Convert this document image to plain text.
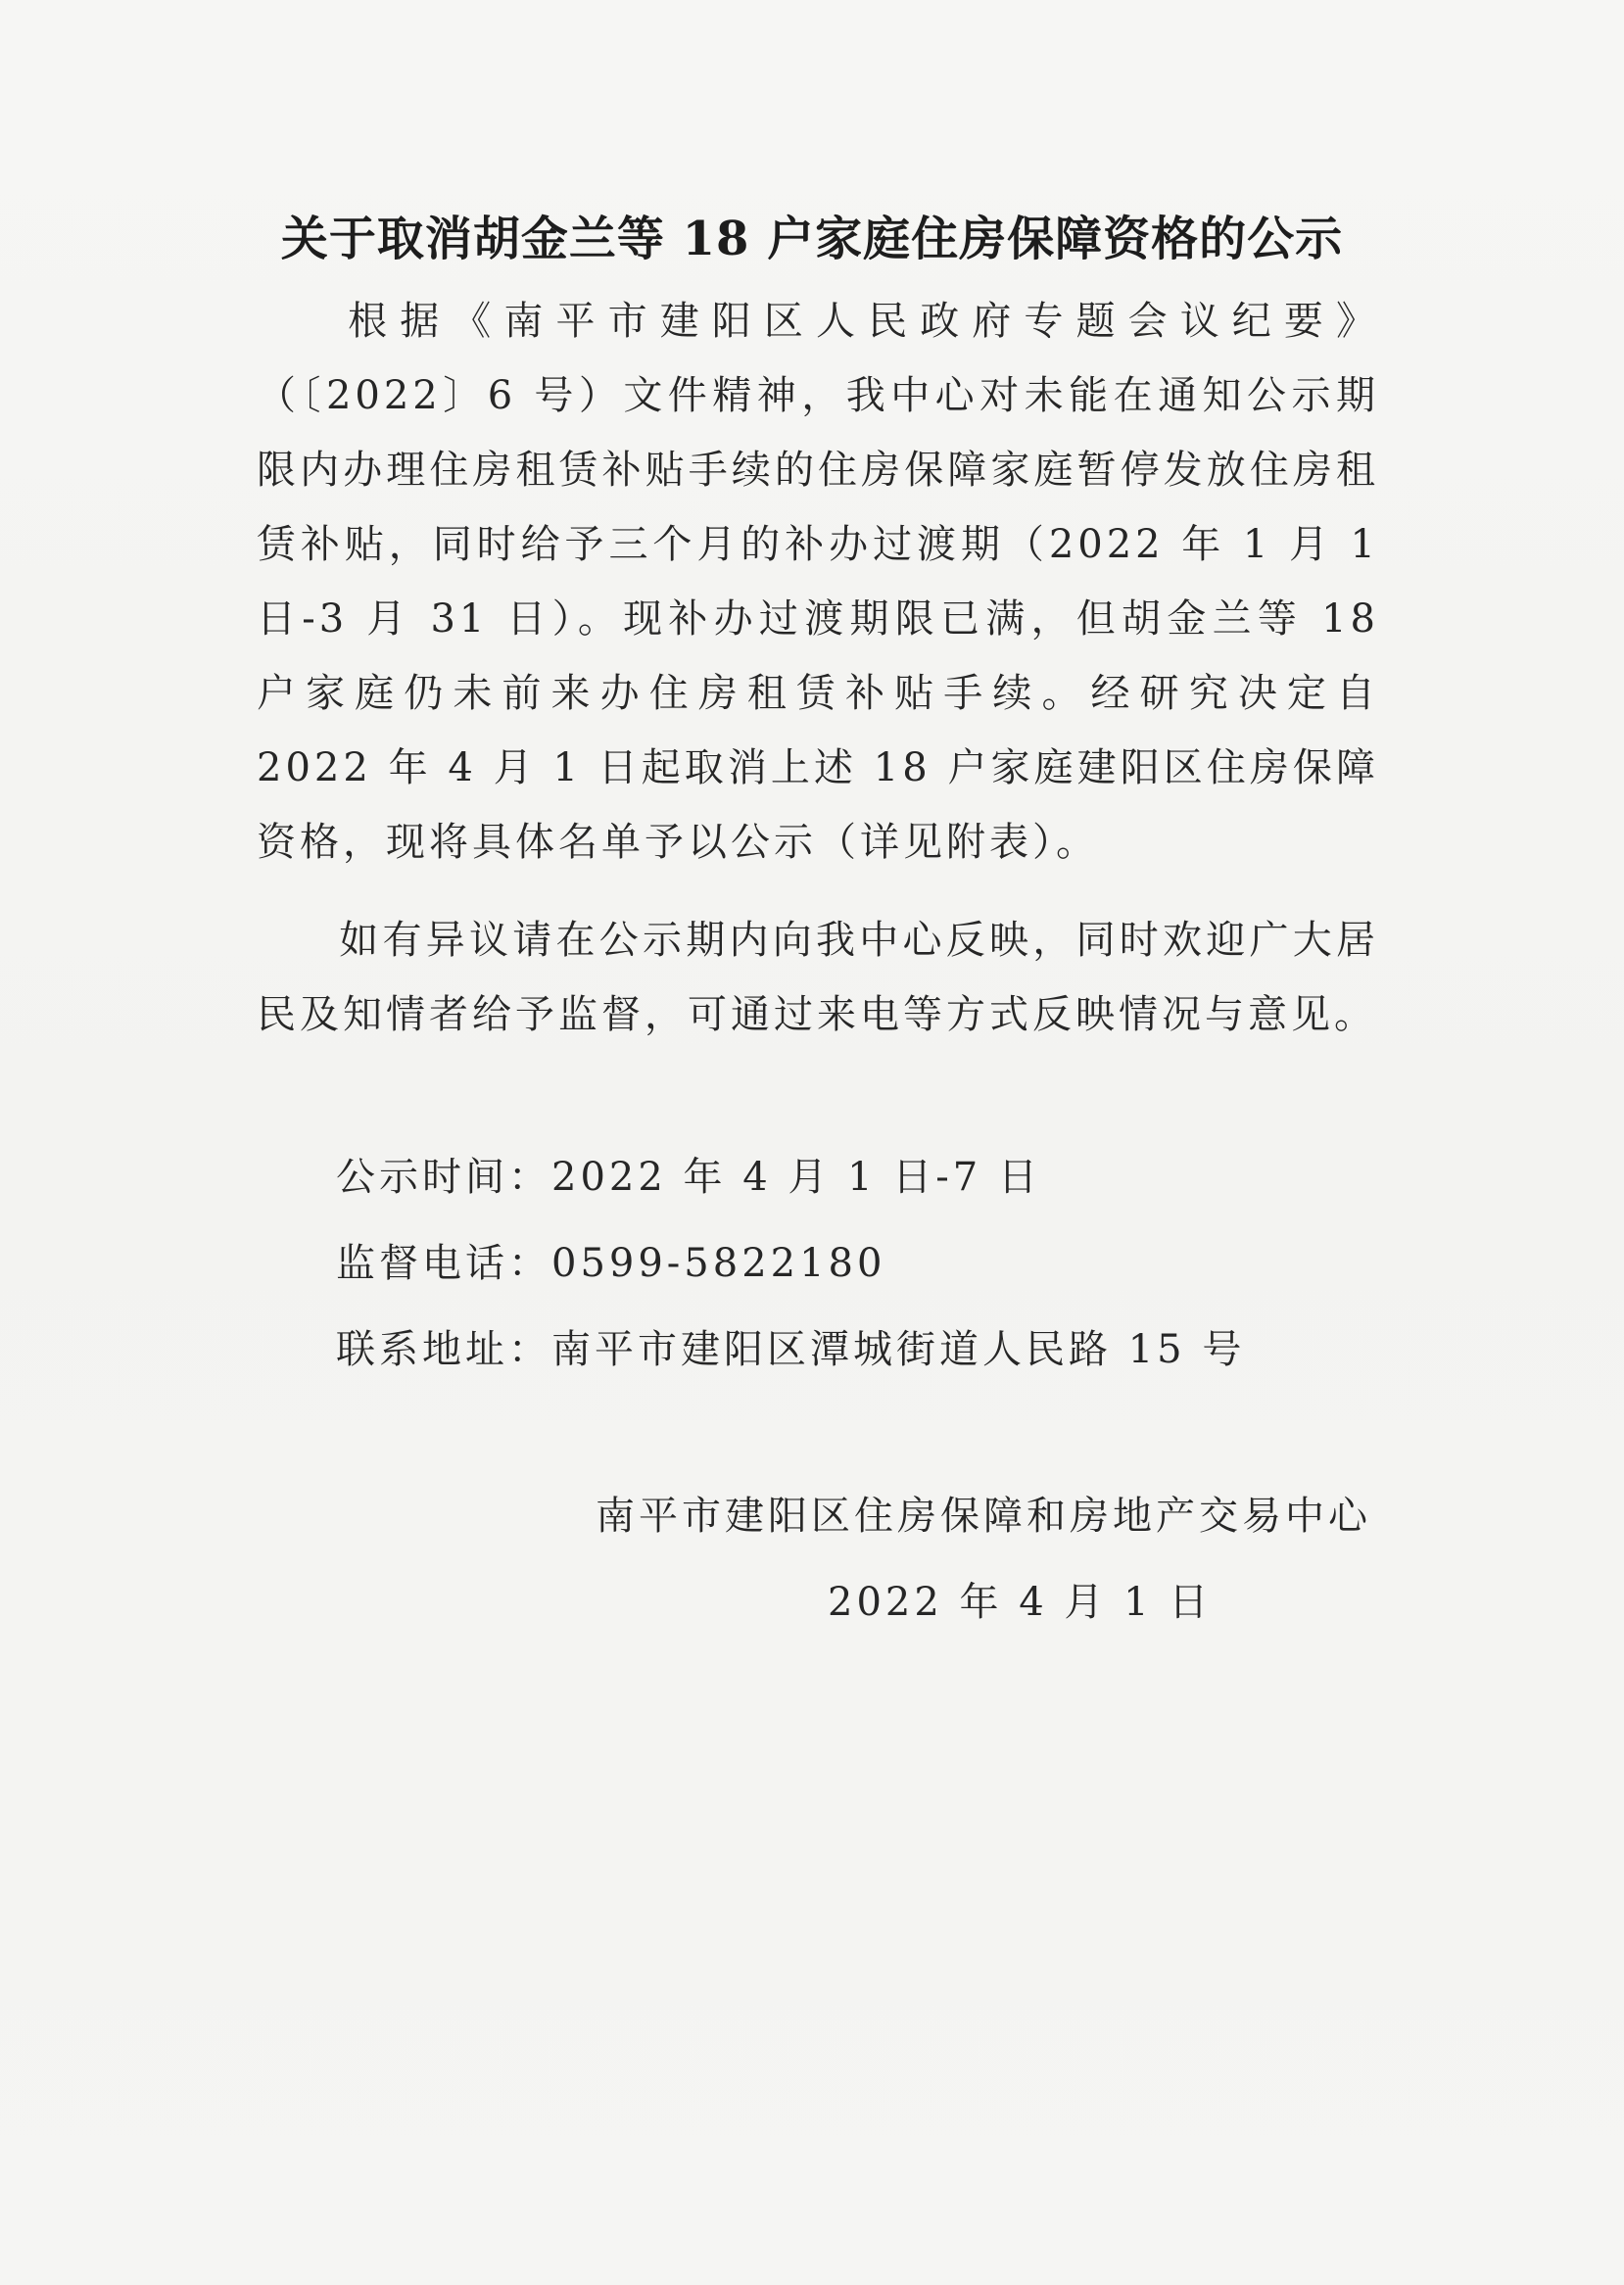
关于取消胡金兰等 18 户家庭住房保障资格的公示
根据《南平市建阳区人民政府专题会议纪要》（〔2022〕6 号）文件精神，我中心对未能在通知公示期限内办理住房租赁补贴手续的住房保障家庭暂停发放住房租赁补贴，同时给予三个月的补办过渡期（2022 年 1 月 1 日-3 月 31 日）。现补办过渡期限已满，但胡金兰等 18 户家庭仍未前来办住房租赁补贴手续。经研究决定自 2022 年 4 月 1 日起取消上述 18 户家庭建阳区住房保障资格，现将具体名单予以公示（详见附表）。
如有异议请在公示期内向我中心反映，同时欢迎广大居民及知情者给予监督，可通过来电等方式反映情况与意见。
公示时间：2022 年 4 月 1 日-7 日
监督电话：0599-5822180
联系地址：南平市建阳区潭城街道人民路 15 号
南平市建阳区住房保障和房地产交易中心
2022 年 4 月 1 日
